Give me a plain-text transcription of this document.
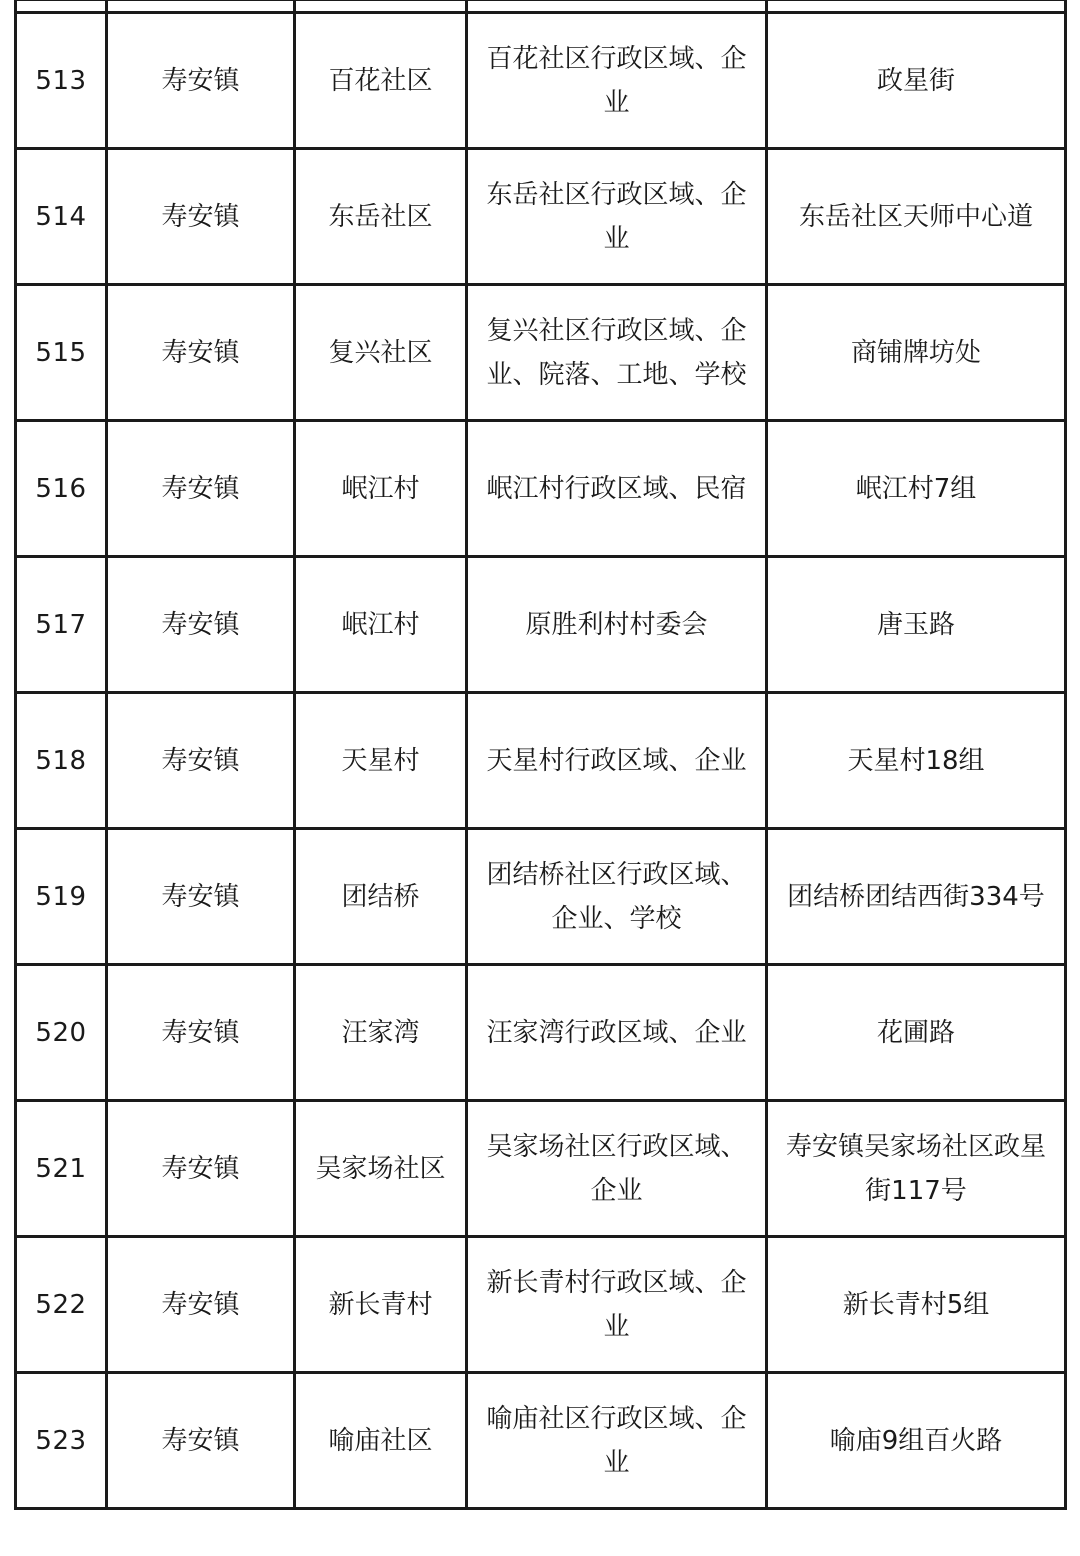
513	寿安镇	百花社区	百花社区行政区域、企业	政星街
514	寿安镇	东岳社区	东岳社区行政区域、企业	东岳社区天师中心道
515	寿安镇	复兴社区	复兴社区行政区域、企业、院落、工地、学校	商铺牌坊处
516	寿安镇	岷江村	岷江村行政区域、民宿	岷江村7组
517	寿安镇	岷江村	原胜利村村委会	唐玉路
518	寿安镇	天星村	天星村行政区域、企业	天星村18组
519	寿安镇	团结桥	团结桥社区行政区域、企业、学校	团结桥团结西街334号
520	寿安镇	汪家湾	汪家湾行政区域、企业	花圃路
521	寿安镇	吴家场社区	吴家场社区行政区域、企业	寿安镇吴家场社区政星街117号
522	寿安镇	新长青村	新长青村行政区域、企业	新长青村5组
523	寿安镇	喻庙社区	喻庙社区行政区域、企业	喻庙9组百火路
